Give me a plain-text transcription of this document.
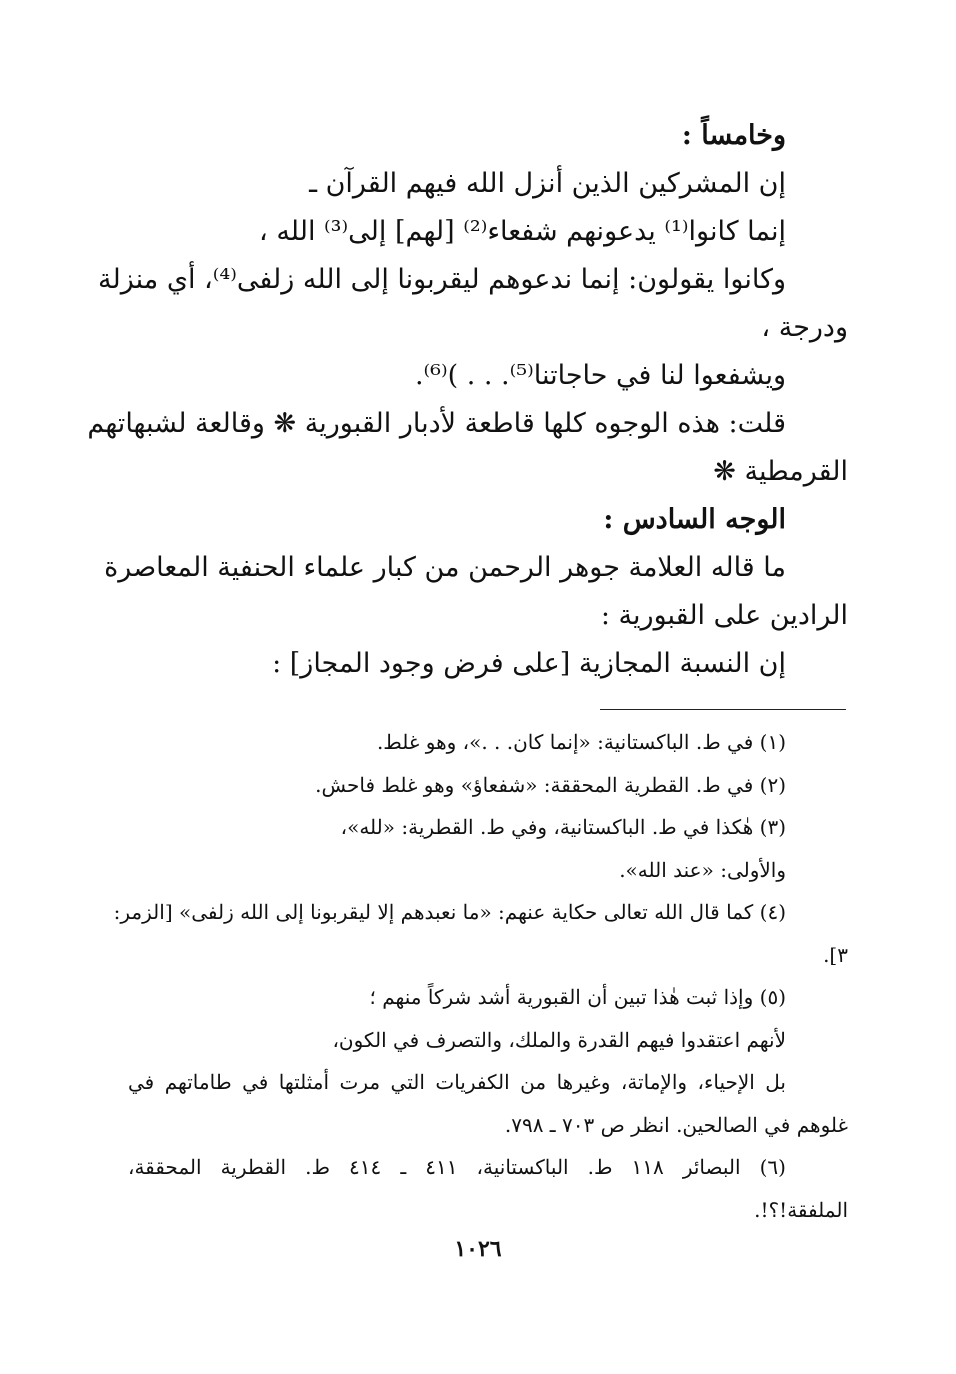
وخامساً :
إن المشركين الذين أنزل الله فيهم القرآن ـ
إنما كانوا⁽¹⁾ يدعونهم شفعاء⁽²⁾ [لهم] إلى⁽³⁾ الله ،
وكانوا يقولون: إنما ندعوهم ليقربونا إلى الله زلفى⁽⁴⁾، أي منزلة
ودرجة ،
ويشفعوا لنا في حاجاتنا⁽⁵⁾. . . )⁽⁶⁾.
قلت: هذه الوجوه كلها قاطعة لأدبار القبورية ❋ وقالعة لشبهاتهم
القرمطية ❋
الوجه السادس :
ما قاله العلامة جوهر الرحمن من كبار علماء الحنفية المعاصرة
الرادين على القبورية :
إن النسبة المجازية [على فرض وجود المجاز] :
(١) في ط. الباكستانية: «إنما كان. . .»، وهو غلط.
(٢) في ط. القطرية المحققة: «شفعاؤ» وهو غلط فاحش.
(٣) هٰكذا في ط. الباكستانية، وفي ط. القطرية: «لله»،
والأولى: «عند الله».
(٤) كما قال الله تعالى حكاية عنهم: «ما نعبدهم إلا ليقربونا إلى الله زلفى» [الزمر:
٣].
(٥) وإذا ثبت هٰذا تبين أن القبورية أشد شركاً منهم ؛
لأنهم اعتقدوا فيهم القدرة والملك، والتصرف في الكون،
بل الإحياء، والإماتة، وغيرها من الكفريات التي مرت أمثلتها في طاماتهم في
غلوهم في الصالحين. انظر ص ٧٠٣ ـ ٧٩٨.
(٦) البصائر ١١٨ ط. الباكستانية، ٤١١ ـ ٤١٤ ط. القطرية المحققة،
الملفقة!؟!.
١٠٢٦
